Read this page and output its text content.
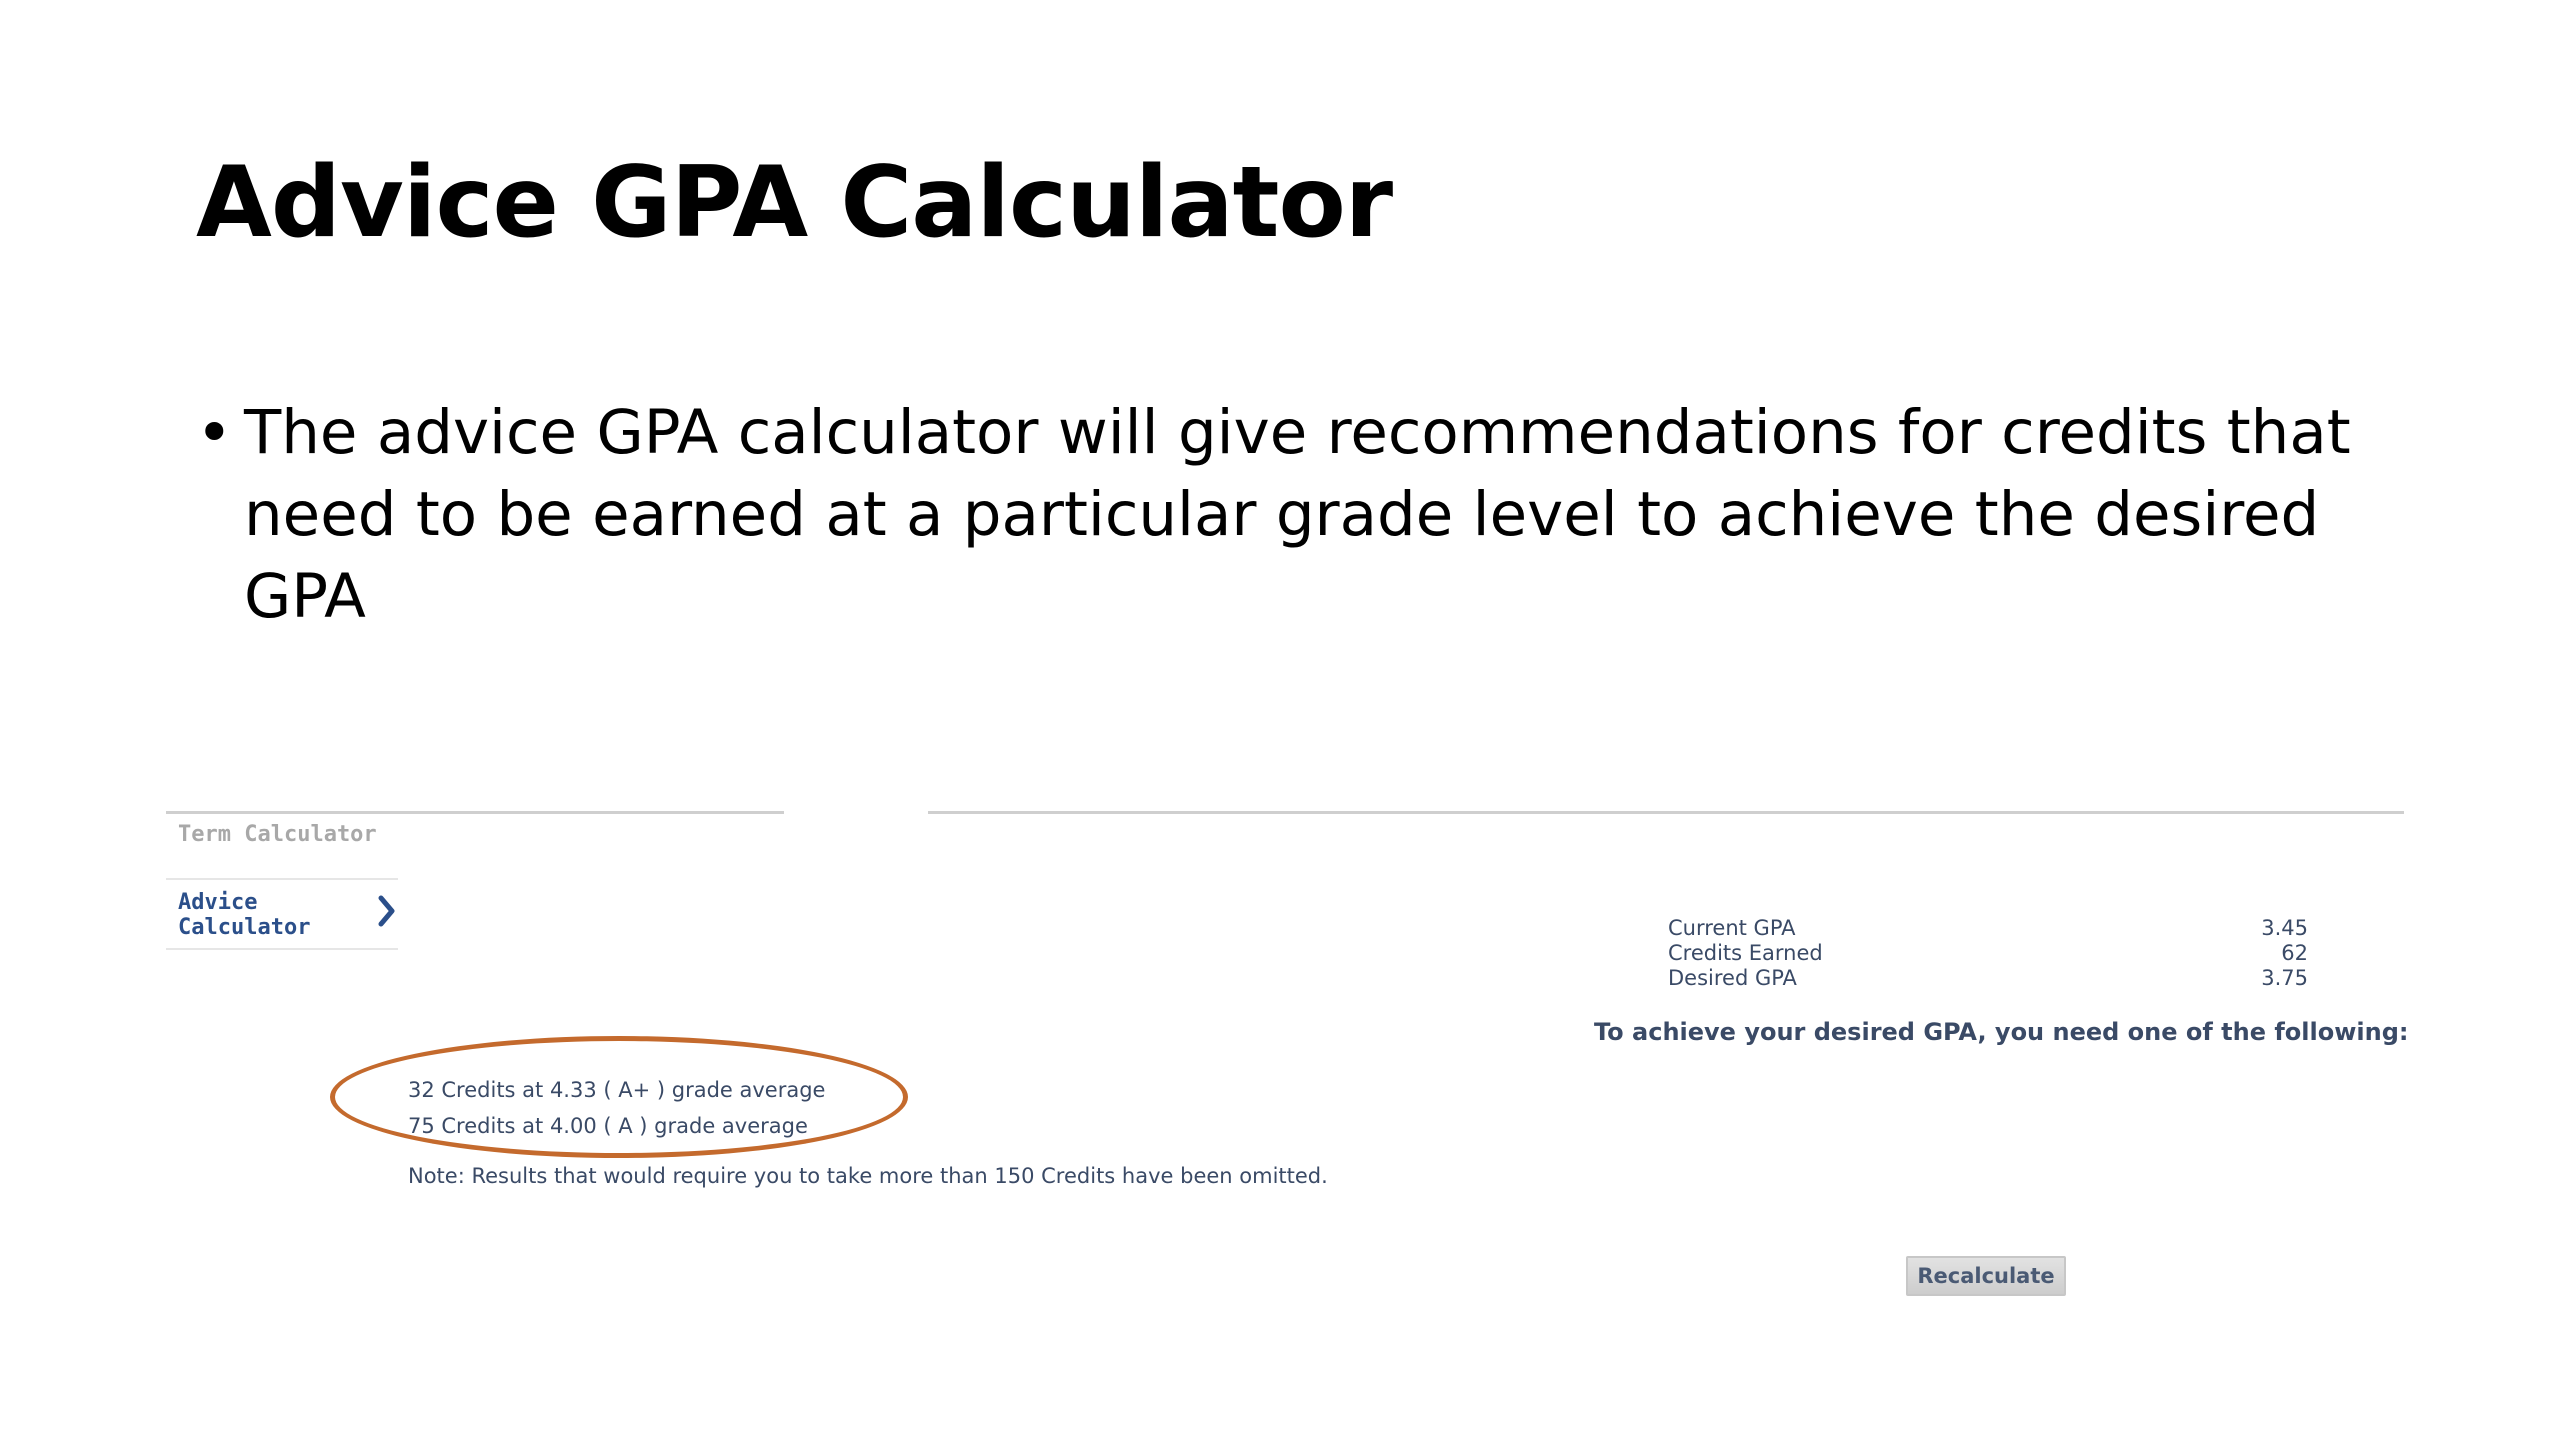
Advice GPA Calculator
• The advice GPA calculator will give recommendations for credits that need to be earned at a particular grade level to achieve the desired GPA

Term Calculator
Advice Calculator	Current GPA	3.45
Credits Earned	62
Desired GPA	3.75

To achieve your desired GPA, you need one of the following:

32 Credits at 4.33 ( A+ ) grade average
75 Credits at 4.00 ( A ) grade average

Note: Results that would require you to take more than 150 Credits have been omitted.

Recalculate
